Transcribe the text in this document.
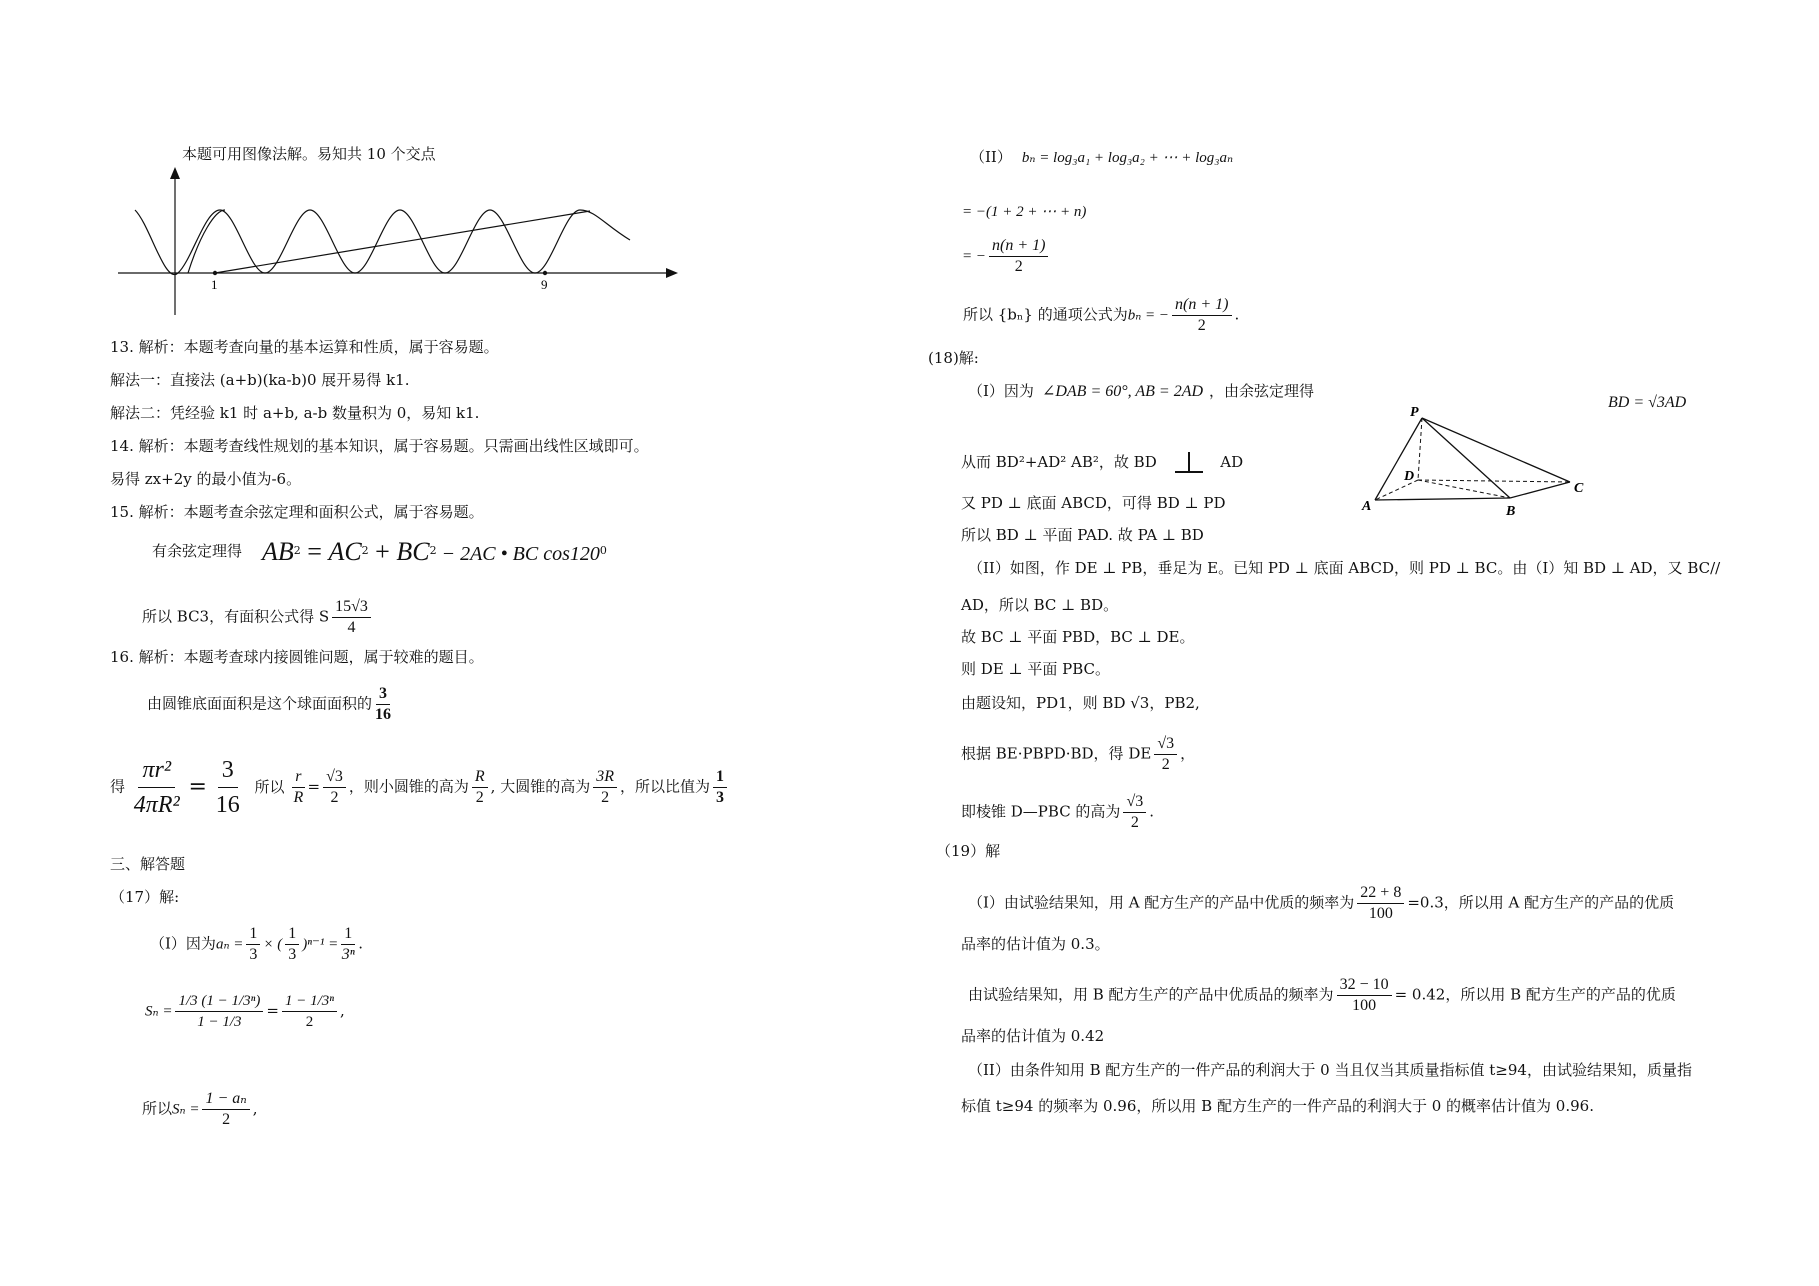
本题可用图像法解。易知共 10 个交点
1	9
13. 解析：本题考查向量的基本运算和性质，属于容易题。
解法一：直接法 (a+b)(ka-b)0 展开易得 k1.
解法二：凭经验 k1 时 a+b, a-b 数量积为 0，易知 k1.
14. 解析：本题考查线性规划的基本知识，属于容易题。只需画出线性区域即可。
易得 zx+2y 的最小值为-6。
15. 解析：本题考查余弦定理和面积公式，属于容易题。
有余弦定理得 $AB^2 = AC^2 + BC^2 - 2AC$ • BC $\cos 120^0$
所以 BC3，有面积公式得 S $\frac{15√3}{4}$
16. 解析：本题考查球内接圆锥问题，属于较难的题目。
由圆锥底面面积是这个球面面积的 $\frac{3}{16}$
得 $\frac{\text{πr²}}{\text{4πR²}} = \frac{3}{16}$ 所以 $\frac{r}{R} = \frac{√3}{2}$ ，则小圆锥的高为 $\frac{R}{2}$ , 大圆锥的高为 $\frac{3R}{2}$ ，所以比值为 $\frac{1}{3}$
三、解答题
（17）解:
（I）因为$a_n = \frac{1}{3}$ × ( $\frac{1}{3} )^{n-1} = \frac{1}{\text{3ⁿ}}$ .
$S_n = \frac{\text{1/3 (1 − 1/3ⁿ)}}{1 - 1/3} = \frac{\text{1 − 1/3ⁿ}}{2}$ ,
所以$S_n = \frac{\text{1 − aₙ}}{2}$ ,
（II） bₙ = log₃a₁ + log₃a₂ + ⋯ + log₃aₙ
= −(1 + 2 + ⋯ + n)
= − $\frac{n(n + 1)}{2}$
所以 {bₙ} 的通项公式为bₙ = − $\frac{n(n + 1)}{2}$ .
(18)解:
（I）因为 ∠DAB = 60°, AB = 2AD ，由余弦定理得
BD = √3AD
从而 BD²+AD² AB²，故 BD	AD
又 PD ⊥ 底面 ABCD，可得 BD ⊥ PD
所以 BD ⊥ 平面 PAD. 故 PA ⊥ BD
P
D
A	B
C
（II）如图，作 DE ⊥ PB，垂足为 E。已知 PD ⊥ 底面 ABCD，则 PD ⊥ BC。由（I）知 BD ⊥ AD，又 BC//
AD，所以 BC ⊥ BD。
故 BC ⊥ 平面 PBD，BC ⊥ DE。
则 DE ⊥ 平面 PBC。
由题设知，PD1，则 BD √3，PB2,
根据 BE·PBPD·BD，得 DE $\frac{√3}{2}$ ，
即棱锥 D—PBC 的高为 $\frac{√3}{2}$ .
（19）解
（I）由试验结果知，用 A 配方生产的产品中优质的频率为 $\frac{22 + 8}{100} =0.3$，所以用 A 配方生产的产品的优质
品率的估计值为 0.3。
由试验结果知，用 B 配方生产的产品中优质品的频率为 $\frac{32 - 10}{100} = 0.42$，所以用 B 配方生产的产品的优质
品率的估计值为 0.42
（II）由条件知用 B 配方生产的一件产品的利润大于 0 当且仅当其质量指标值 t≥94，由试验结果知，质量指
标值 t≥94 的频率为 0.96，所以用 B 配方生产的一件产品的利润大于 0 的概率估计值为 0.96.
